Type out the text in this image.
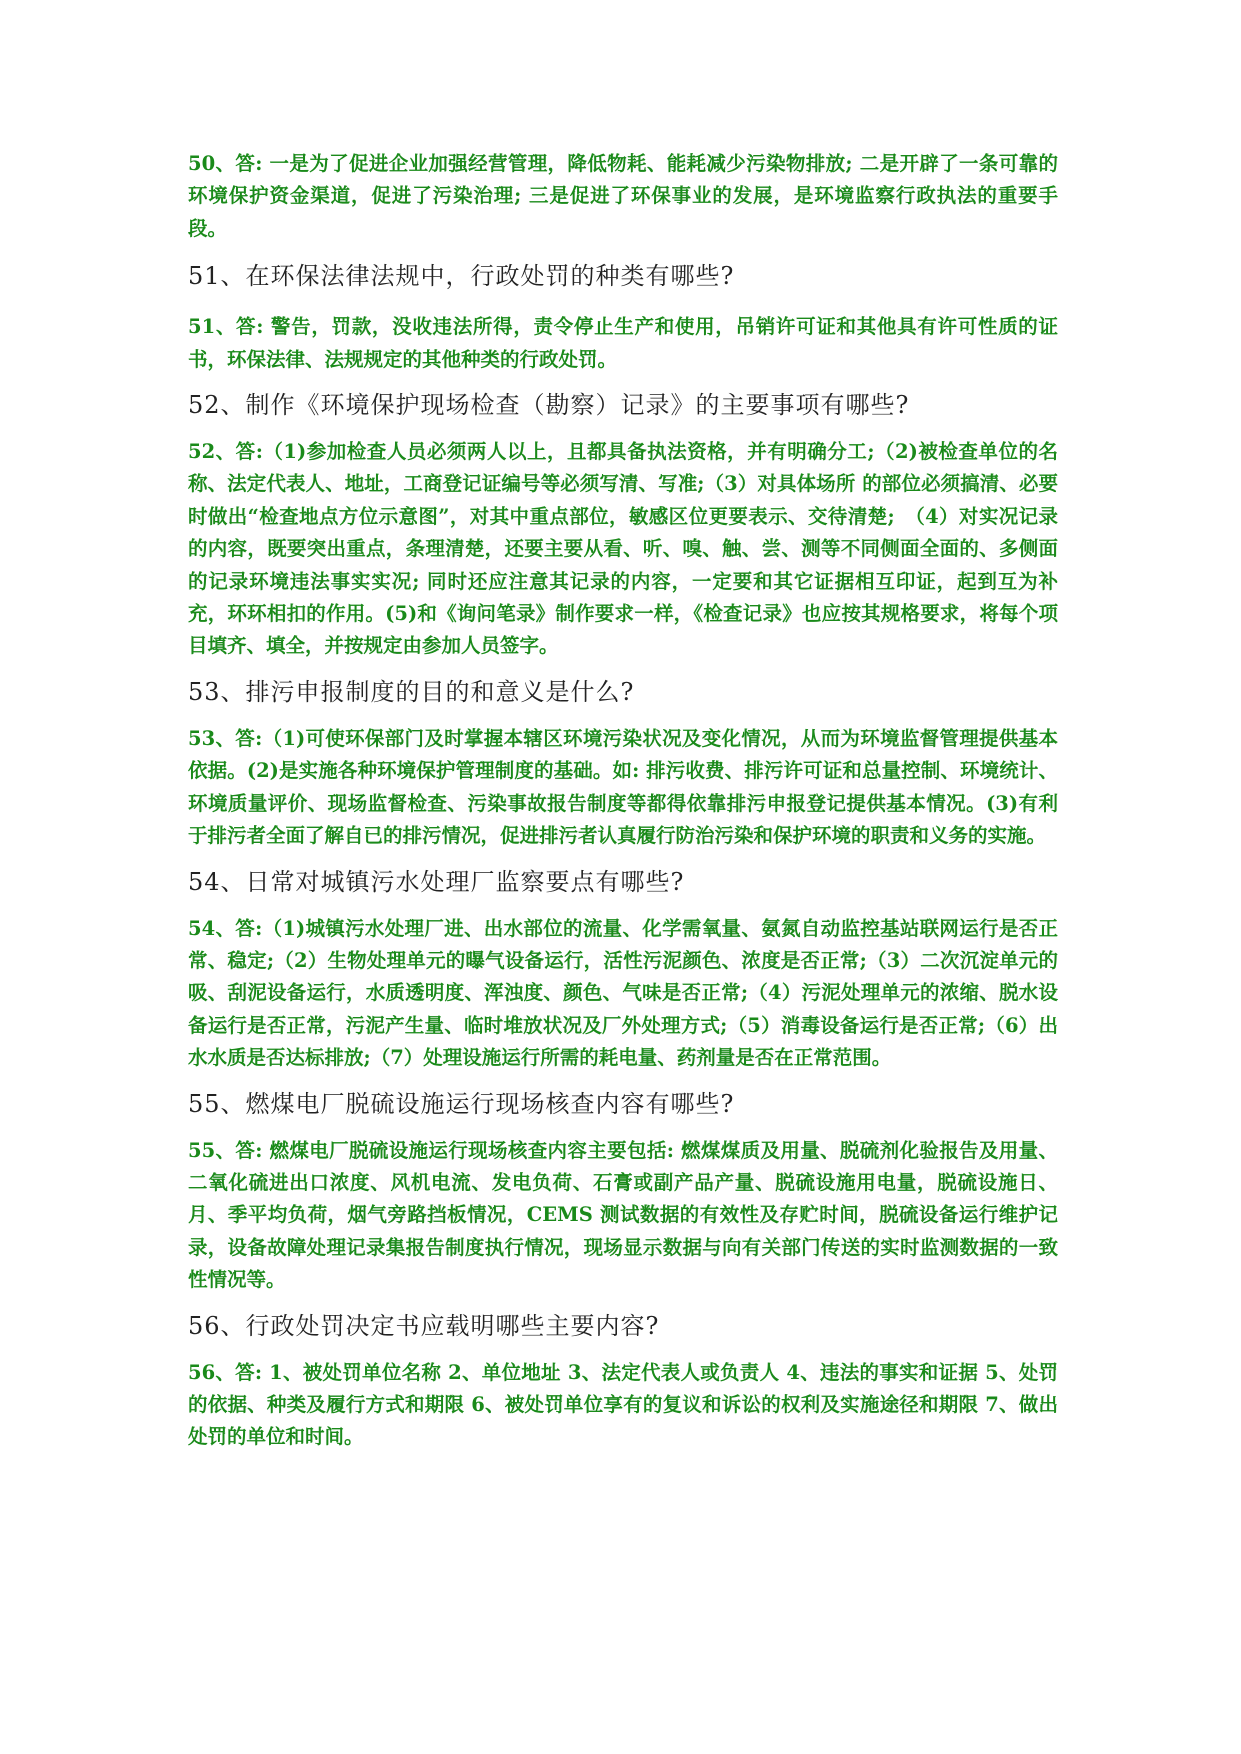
50、答: 一是为了促进企业加强经营管理，降低物耗、能耗减少污染物排放; 二是开辟了一条可靠的环境保护资金渠道，促进了污染治理; 三是促进了环保事业的发展，是环境监察行政执法的重要手段。

51、在环保法律法规中，行政处罚的种类有哪些?

51、答: 警告，罚款，没收违法所得，责令停止生产和使用，吊销许可证和其他具有许可性质的证书，环保法律、法规规定的其他种类的行政处罚。

52、制作《环境保护现场检查（勘察）记录》的主要事项有哪些?

52、答:（1)参加检查人员必须两人以上，且都具备执法资格，并有明确分工;（2)被检查单位的名称、法定代表人、地址，工商登记证编号等必须写清、写准;（3）对具体场所 的部位必须搞清、必要时做出“检查地点方位示意图”，对其中重点部位，敏感区位更要表示、交待清楚;　（4）对实况记录的内容，既要突出重点，条理清楚，还要主要从看、听、嗅、触、尝、测等不同侧面全面的、多侧面的记录环境违法事实实况; 同时还应注意其记录的内容，一定要和其它证据相互印证，起到互为补充，环环相扣的作用。(5)和《询问笔录》制作要求一样，《检查记录》也应按其规格要求，将每个项目填齐、填全，并按规定由参加人员签字。

53、排污申报制度的目的和意义是什么?

53、答:（1)可使环保部门及时掌握本辖区环境污染状况及变化情况，从而为环境监督管理提供基本依据。(2)是实施各种环境保护管理制度的基础。如: 排污收费、排污许可证和总量控制、环境统计、环境质量评价、现场监督检查、污染事故报告制度等都得依靠排污申报登记提供基本情况。(3)有利于排污者全面了解自已的排污情况，促进排污者认真履行防治污染和保护环境的职责和义务的实施。

54、日常对城镇污水处理厂监察要点有哪些?

54、答:（1)城镇污水处理厂进、出水部位的流量、化学需氧量、氨氮自动监控基站联网运行是否正常、稳定;（2）生物处理单元的曝气设备运行，活性污泥颜色、浓度是否正常;（3）二次沉淀单元的吸、刮泥设备运行，水质透明度、浑浊度、颜色、气味是否正常;（4）污泥处理单元的浓缩、脱水设备运行是否正常，污泥产生量、临时堆放状况及厂外处理方式;（5）消毒设备运行是否正常;（6）出水水质是否达标排放;（7）处理设施运行所需的耗电量、药剂量是否在正常范围。

55、燃煤电厂脱硫设施运行现场核查内容有哪些?

55、答: 燃煤电厂脱硫设施运行现场核查内容主要包括: 燃煤煤质及用量、脱硫剂化验报告及用量、二氧化硫进出口浓度、风机电流、发电负荷、石膏或副产品产量、脱硫设施用电量，脱硫设施日、月、季平均负荷，烟气旁路挡板情况，CEMS 测试数据的有效性及存贮时间，脱硫设备运行维护记录，设备故障处理记录集报告制度执行情况，现场显示数据与向有关部门传送的实时监测数据的一致性情况等。

56、行政处罚决定书应载明哪些主要内容?

56、答: 1、被处罚单位名称 2、单位地址 3、法定代表人或负责人 4、违法的事实和证据 5、处罚的依据、种类及履行方式和期限 6、被处罚单位享有的复议和诉讼的权利及实施途径和期限 7、做出处罚的单位和时间。
